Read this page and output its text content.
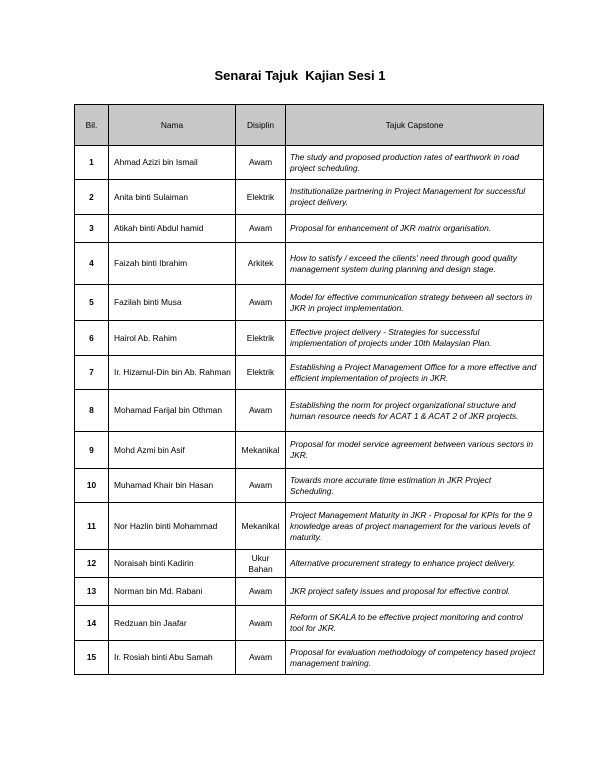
Senarai Tajuk  Kajian Sesi 1
Bil.	Nama	Disiplin	Tajuk Capstone
1	Ahmad Azizi bin Ismail	Awam	The study and proposed production rates of earthwork in road project scheduling.
2	Anita binti Sulaiman	Elektrik	Institutionalize partnering in Project Management for successful project delivery.
3	Atikah binti Abdul hamid	Awam	Proposal for enhancement of JKR matrix organisation.
4	Faizah binti Ibrahim	Arkitek	How to satisfy / exceed the clients' need through good quality management system during planning and design stage.
5	Fazilah binti Musa	Awam	Model for effective communication strategy between all sectors in JKR in project implementation.
6	Hairol Ab. Rahim	Elektrik	Effective project delivery - Strategies for successful implementation of projects under 10th Malaysian Plan.
7	Ir. Hizamul-Din bin Ab. Rahman	Elektrik	Establishing a Project Management Office for a more effective and efficient implementation of projects in JKR.
8	Mohamad Farijal bin Othman	Awam	Establishing the norm for project organizational structure and human resource needs for ACAT 1 & ACAT 2 of JKR projects.
9	Mohd Azmi bin Asif	Mekanikal	Proposal for model service agreement between various sectors in JKR.
10	Muhamad Khair bin Hasan	Awam	Towards more accurate time estimation in JKR Project Scheduling.
11	Nor Hazlin binti Mohammad	Mekanikal	Project Management Maturity in JKR - Proposal for KPIs for the 9 knowledge areas of project management for the various levels of maturity.
12	Noraisah binti Kadirin	Ukur Bahan	Alternative procurement strategy to enhance project delivery.
13	Norman bin Md. Rabani	Awam	JKR project safety issues and proposal for effective control.
14	Redzuan bin Jaafar	Awam	Reform of SKALA to be effective project monitoring and control tool for JKR.
15	Ir. Rosiah binti Abu Samah	Awam	Proposal for evaluation methodology of competency based project management training.
